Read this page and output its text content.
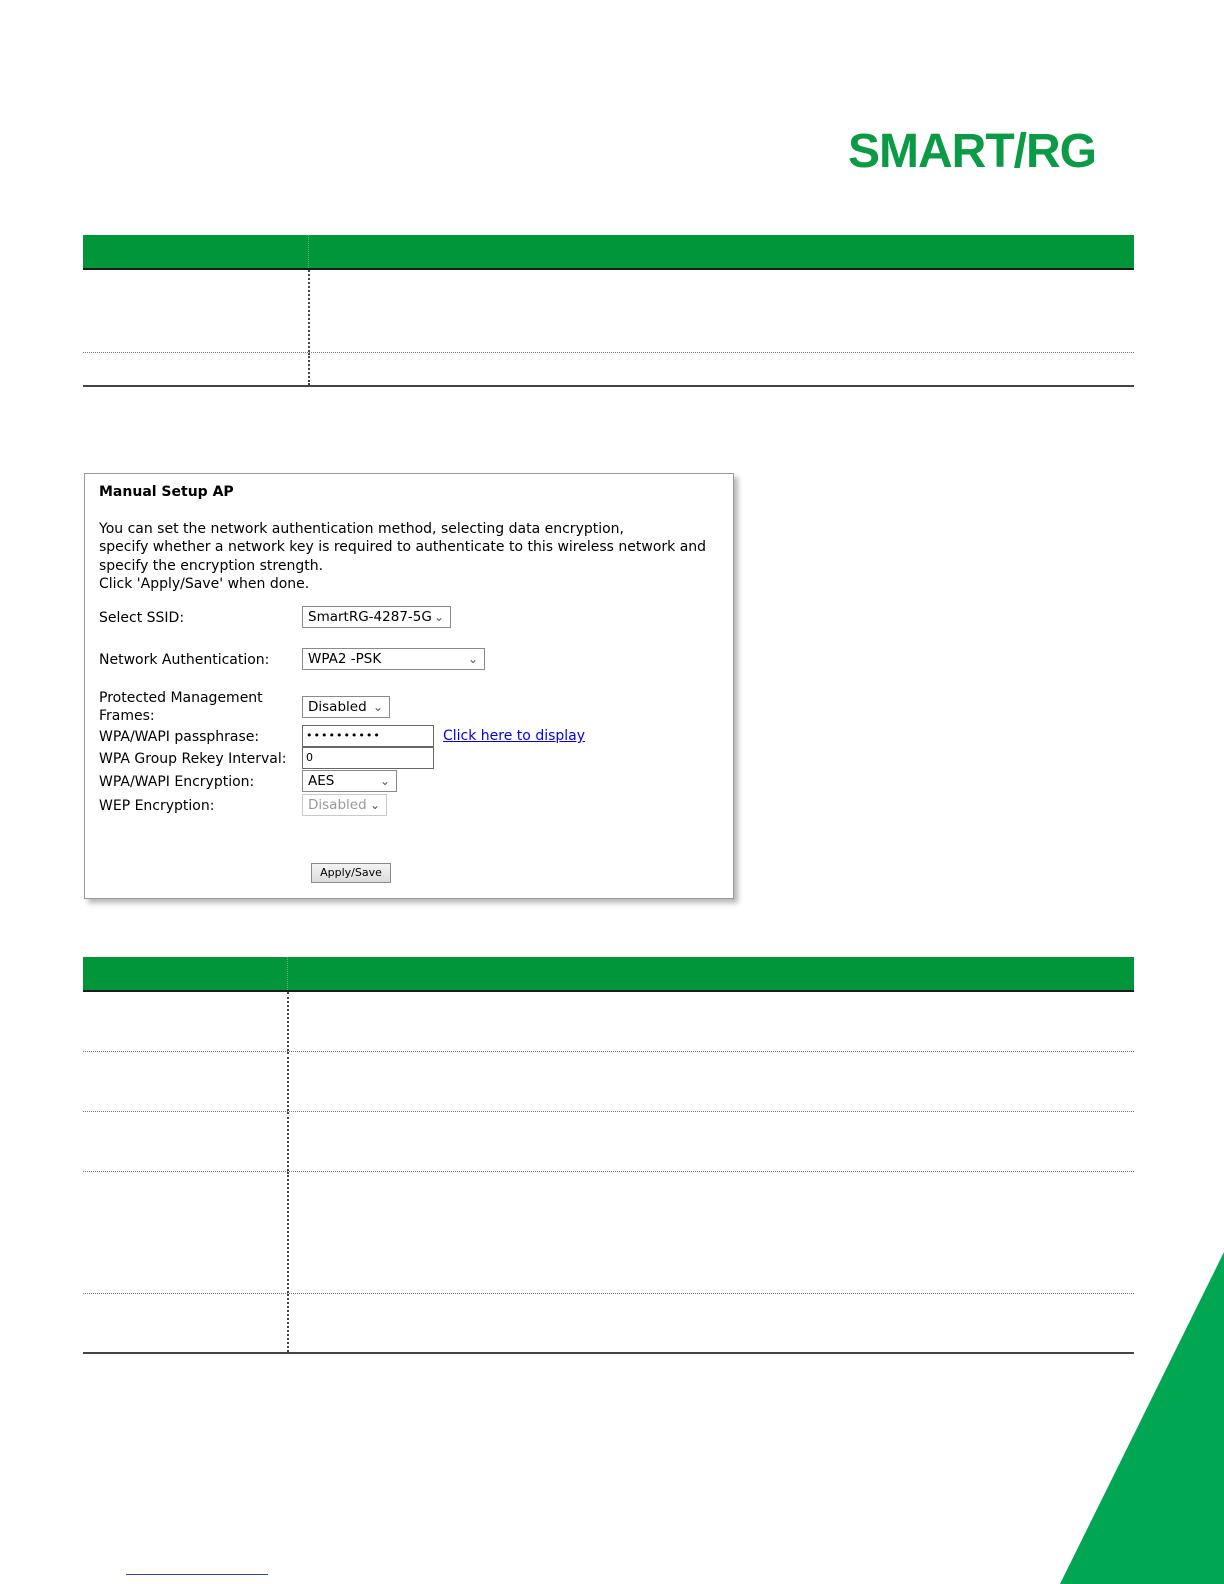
SMART/RG
Manual Setup AP
You can set the network authentication method, selecting data encryption,
specify whether a network key is required to authenticate to this wireless network and
specify the encryption strength.
Click 'Apply/Save' when done.
Select SSID:	SmartRG-4287-5G ⌄
Network Authentication:	WPA2 -PSK	⌄
Protected Management
Frames:
Disabled ⌄
WPA/WAPI passphrase:	••••••••••	Click here to display
WPA Group Rekey Interval:	0
WPA/WAPI Encryption:	AES	⌄
WEP Encryption:	Disabled ⌄
Apply/Save
